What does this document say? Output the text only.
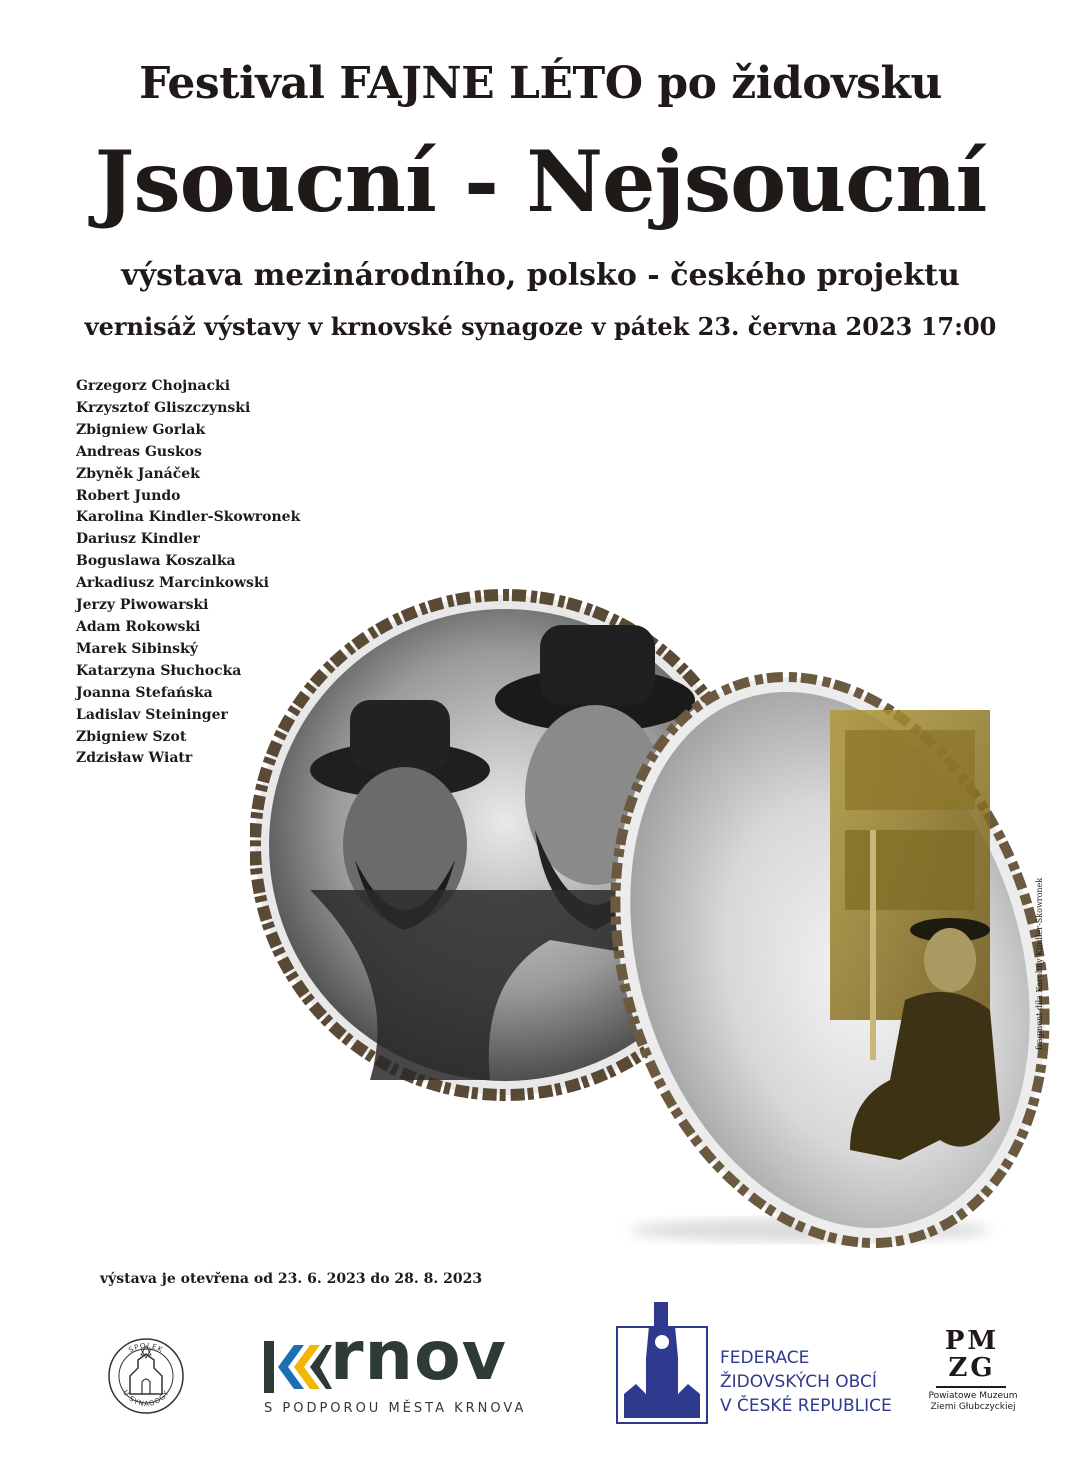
Festival FAJNE LÉTO po židovsku
Jsoucní - Nejsoucní
výstava mezinárodního, polsko - českého projektu
vernisáž výstavy v krnovské synagoze v pátek 23. června 2023 17:00
Grzegorz Chojnacki
Krzysztof Gliszczynski
Zbigniew Gorlak
Andreas Guskos
Zbyněk Janáček
Robert Jundo
Karolina Kindler-Skowronek
Dariusz Kindler
Boguslawa Koszalka
Arkadiusz Marcinkowski
Jerzy Piwowarski
Adam Rokowski
Marek Sibinský
Katarzyna Słuchocka
Joanna Stefańska
Ladislav Steininger
Zbigniew Szot
Zdzisław Wiatr
fragment díla Karoliny Kindler-Skowronek
výstava je otevřena od 23. 6. 2023 do 28. 8. 2023
SPOLEK
U SYNAGOGY rnov
S PODPOROU MĚSTA KRNOVA
FEDERACE
ŽIDOVSKÝCH OBCÍ
V ČESKÉ REPUBLICE
PM
ZG
Powiatowe Muzeum
Ziemi Głubczyckiej
